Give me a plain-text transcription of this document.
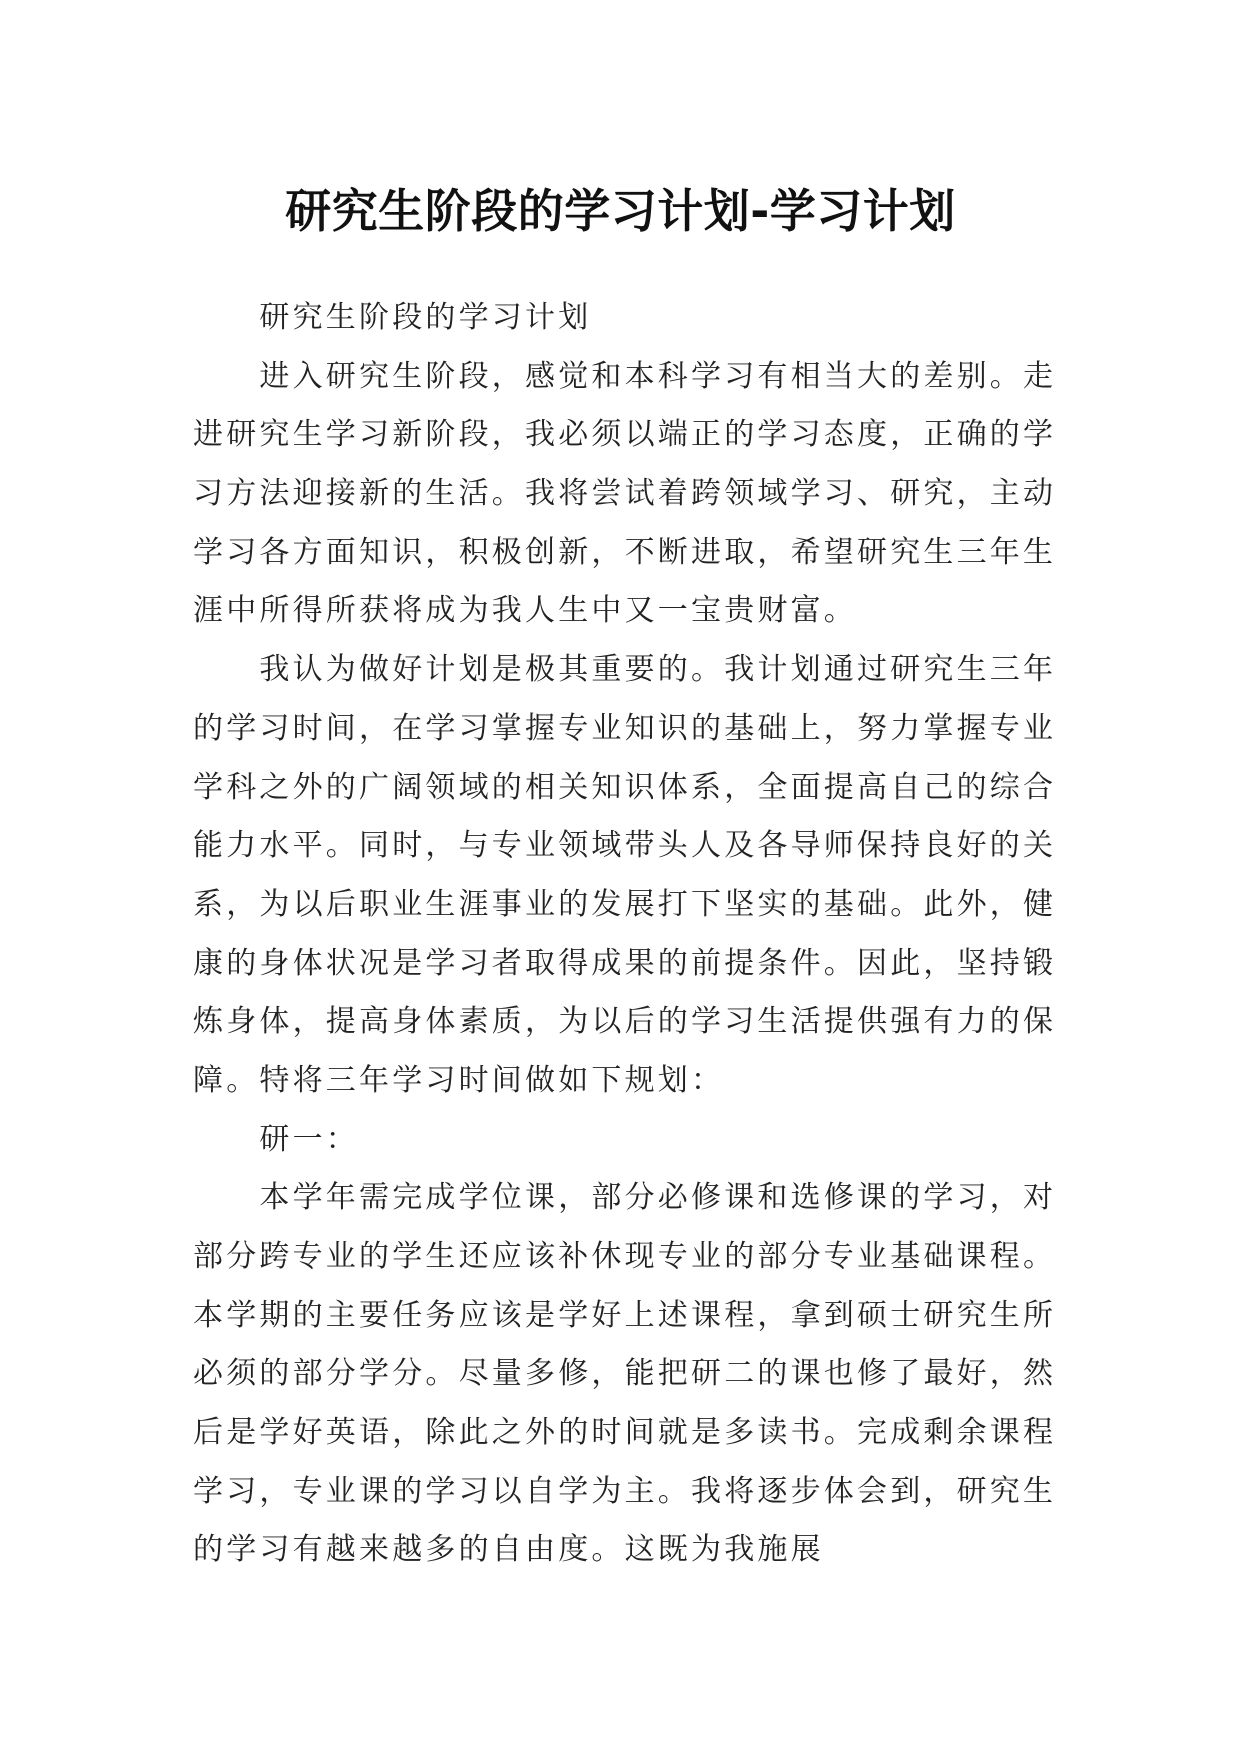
研究生阶段的学习计划-学习计划
研究生阶段的学习计划
进入研究生阶段，感觉和本科学习有相当大的差别。走
进研究生学习新阶段，我必须以端正的学习态度，正确的学
习方法迎接新的生活。我将尝试着跨领域学习、研究，主动
学习各方面知识，积极创新，不断进取，希望研究生三年生
涯中所得所获将成为我人生中又一宝贵财富。
我认为做好计划是极其重要的。我计划通过研究生三年
的学习时间，在学习掌握专业知识的基础上，努力掌握专业
学科之外的广阔领域的相关知识体系，全面提高自己的综合
能力水平。同时，与专业领域带头人及各导师保持良好的关
系，为以后职业生涯事业的发展打下坚实的基础。此外，健
康的身体状况是学习者取得成果的前提条件。因此，坚持锻
炼身体，提高身体素质，为以后的学习生活提供强有力的保
障。特将三年学习时间做如下规划：
研一：
本学年需完成学位课，部分必修课和选修课的学习，对
部分跨专业的学生还应该补休现专业的部分专业基础课程。
本学期的主要任务应该是学好上述课程，拿到硕士研究生所
必须的部分学分。尽量多修，能把研二的课也修了最好，然
后是学好英语，除此之外的时间就是多读书。完成剩余课程
学习，专业课的学习以自学为主。我将逐步体会到，研究生
的学习有越来越多的自由度。这既为我施展
